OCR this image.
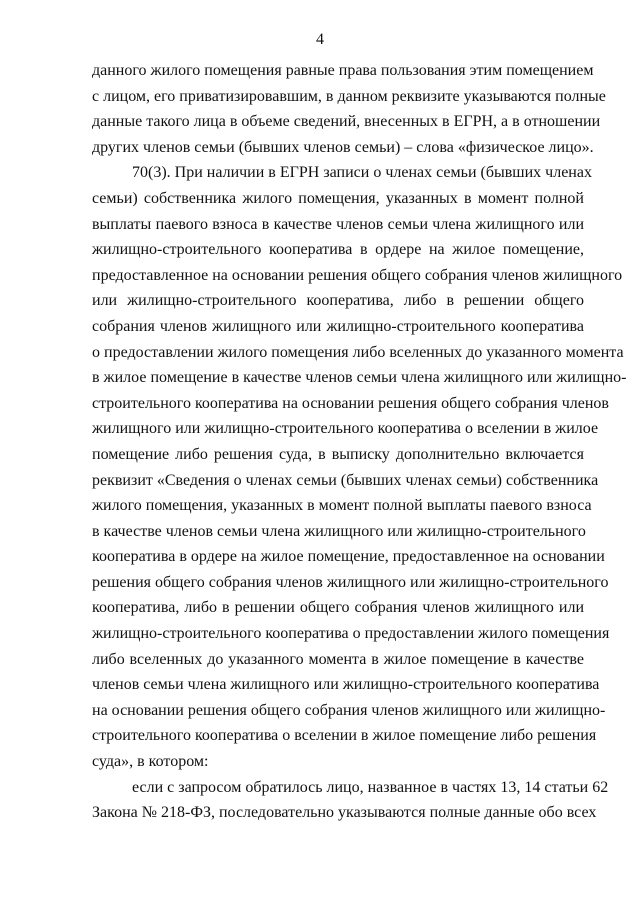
4
данного жилого помещения равные права пользования этим помещением
с лицом, его приватизировавшим, в данном реквизите указываются полные
данные такого лица в объеме сведений, внесенных в ЕГРН, а в отношении
других членов семьи (бывших членов семьи) – слова «физическое лицо».
70(3). При наличии в ЕГРН записи о членах семьи (бывших членах
семьи) собственника жилого помещения, указанных в момент полной
выплаты паевого взноса в качестве членов семьи члена жилищного или
жилищно-строительного кооператива в ордере на жилое помещение,
предоставленное на основании решения общего собрания членов жилищного
или жилищно-строительного кооператива, либо в решении общего
собрания членов жилищного или жилищно-строительного кооператива
о предоставлении жилого помещения либо вселенных до указанного момента
в жилое помещение в качестве членов семьи члена жилищного или жилищно-
строительного кооператива на основании решения общего собрания членов
жилищного или жилищно-строительного кооператива о вселении в жилое
помещение либо решения суда, в выписку дополнительно включается
реквизит «Сведения о членах семьи (бывших членах семьи) собственника
жилого помещения, указанных в момент полной выплаты паевого взноса
в качестве членов семьи члена жилищного или жилищно-строительного
кооператива в ордере на жилое помещение, предоставленное на основании
решения общего собрания членов жилищного или жилищно-строительного
кооператива, либо в решении общего собрания членов жилищного или
жилищно-строительного кооператива о предоставлении жилого помещения
либо вселенных до указанного момента в жилое помещение в качестве
членов семьи члена жилищного или жилищно-строительного кооператива
на основании решения общего собрания членов жилищного или жилищно-
строительного кооператива о вселении в жилое помещение либо решения
суда», в котором:
если с запросом обратилось лицо, названное в частях 13, 14 статьи 62
Закона № 218-ФЗ, последовательно указываются полные данные обо всех
